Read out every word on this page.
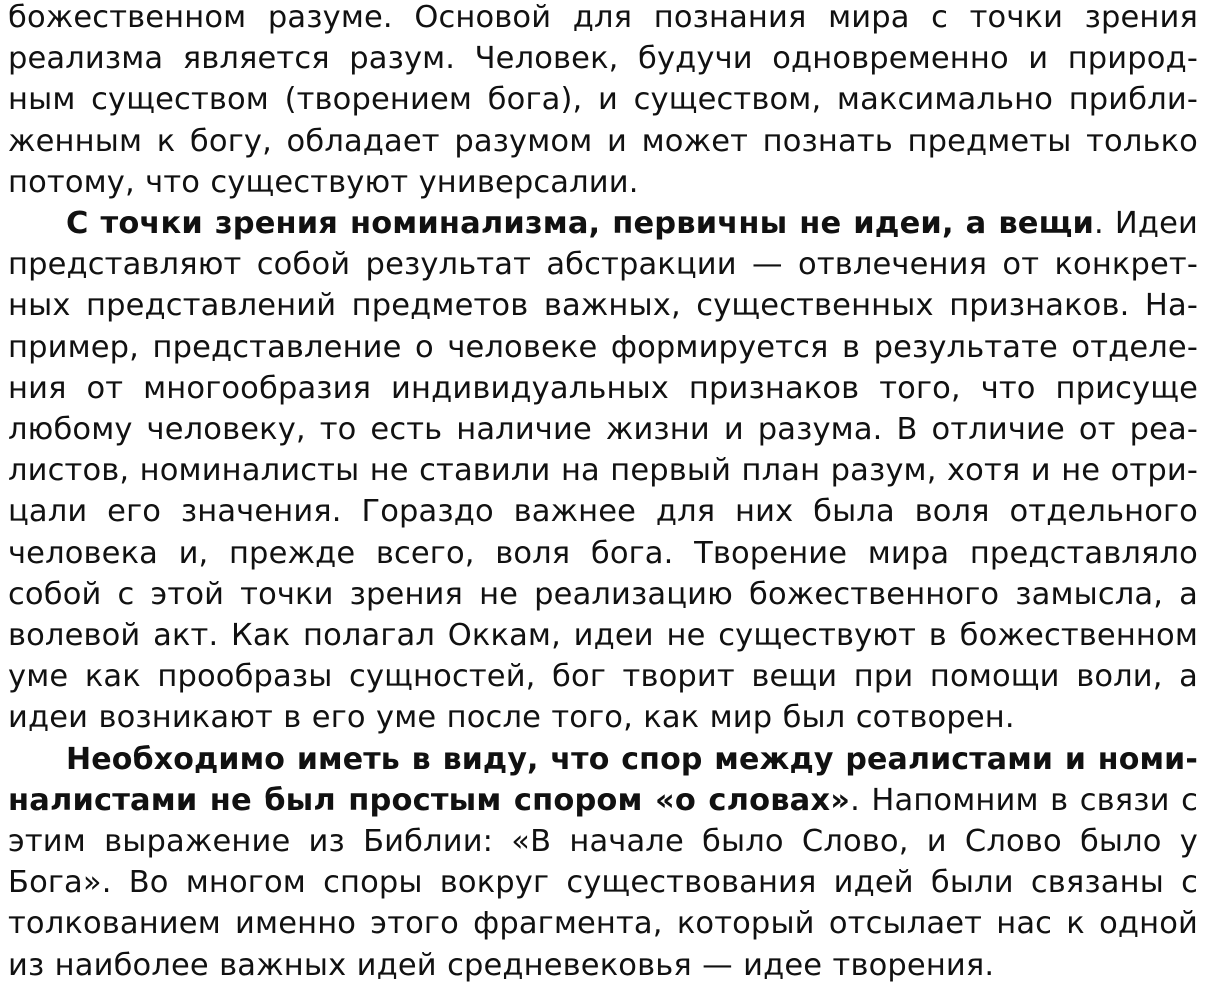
божественном разуме. Основой для познания мира с точки зрения
реализма является разум. Человек, будучи одновременно и природ-
ным существом (творением бога), и существом, максимально прибли-
женным к богу, обладает разумом и может познать предметы только
потому, что существуют универсалии.
С точки зрения номинализма, первичны не идеи, а вещи. Идеи
представляют собой результат абстракции — отвлечения от конкрет-
ных представлений предметов важных, существенных признаков. На-
пример, представление о человеке формируется в результате отделе-
ния от многообразия индивидуальных признаков того, что присуще
любому человеку, то есть наличие жизни и разума. В отличие от реа-
листов, номиналисты не ставили на первый план разум, хотя и не отри-
цали его значения. Гораздо важнее для них была воля отдельного
человека и, прежде всего, воля бога. Творение мира представляло
собой с этой точки зрения не реализацию божественного замысла, а
волевой акт. Как полагал Оккам, идеи не существуют в божественном
уме как прообразы сущностей, бог творит вещи при помощи воли, а
идеи возникают в его уме после того, как мир был сотворен.
Необходимо иметь в виду, что спор между реалистами и номи-
налистами не был простым спором «о словах». Напомним в связи с
этим выражение из Библии: «В начале было Слово, и Слово было у
Бога». Во многом споры вокруг существования идей были связаны с
толкованием именно этого фрагмента, который отсылает нас к одной
из наиболее важных идей средневековья — идее творения.
